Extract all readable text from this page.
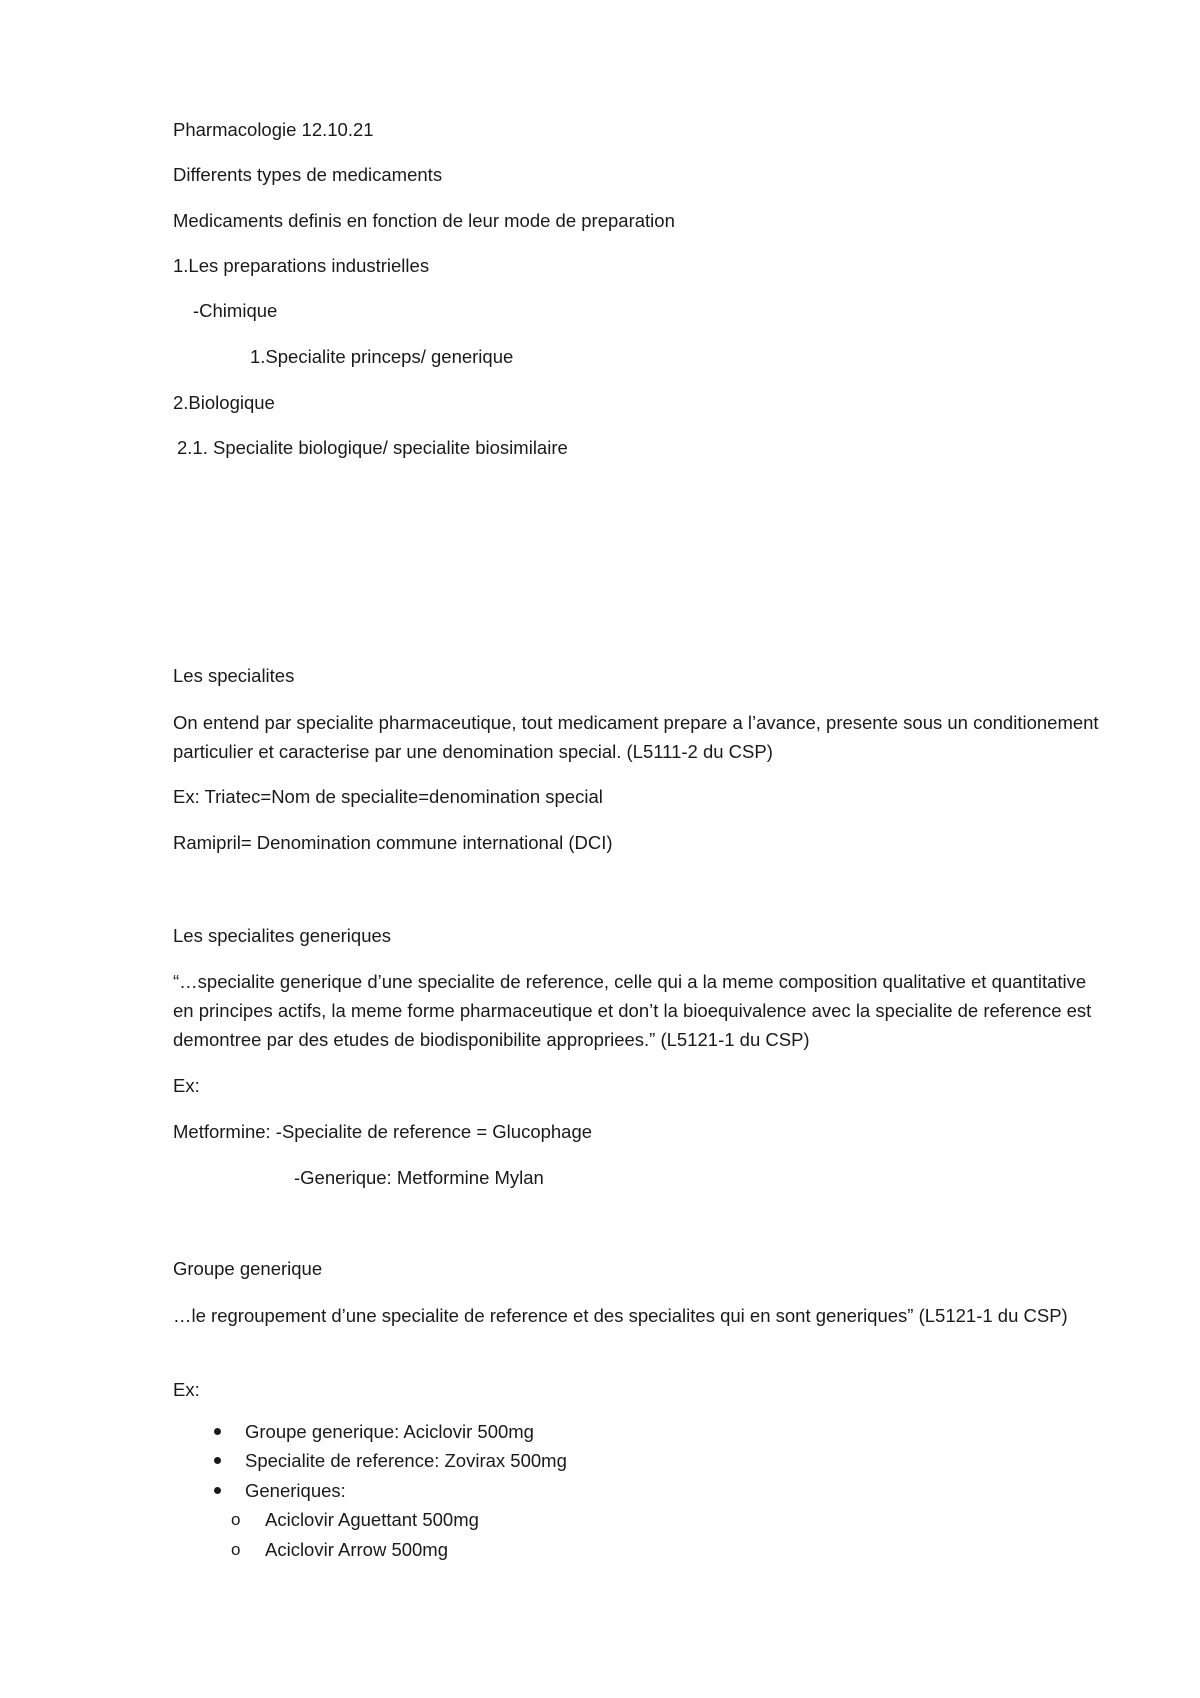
Pharmacologie 12.10.21
Differents types de medicaments
Medicaments definis en fonction de leur mode de preparation
1.Les preparations industrielles
-Chimique
1.Specialite princeps/ generique
2.Biologique
2.1. Specialite biologique/ specialite biosimilaire
Les specialites
On entend par specialite pharmaceutique, tout medicament prepare a l’avance, presente sous un conditionement particulier et caracterise par une denomination special. (L5111-2 du CSP)
Ex: Triatec=Nom de specialite=denomination special
Ramipril= Denomination commune international (DCI)
Les specialites generiques
“…specialite generique d’une specialite de reference, celle qui a la meme composition qualitative et quantitative en principes actifs, la meme forme pharmaceutique et don’t la bioequivalence avec la specialite de reference est demontree par des etudes de biodisponibilite appropriees.” (L5121-1 du CSP)
Ex:
Metformine: -Specialite de reference = Glucophage
-Generique: Metformine Mylan
Groupe generique
…le regroupement d’une specialite de reference et des specialites qui en sont generiques” (L5121-1 du CSP)
Ex:
Groupe generique: Aciclovir 500mg
Specialite de reference: Zovirax 500mg
Generiques:
o Aciclovir Aguettant 500mg
o Aciclovir Arrow 500mg
